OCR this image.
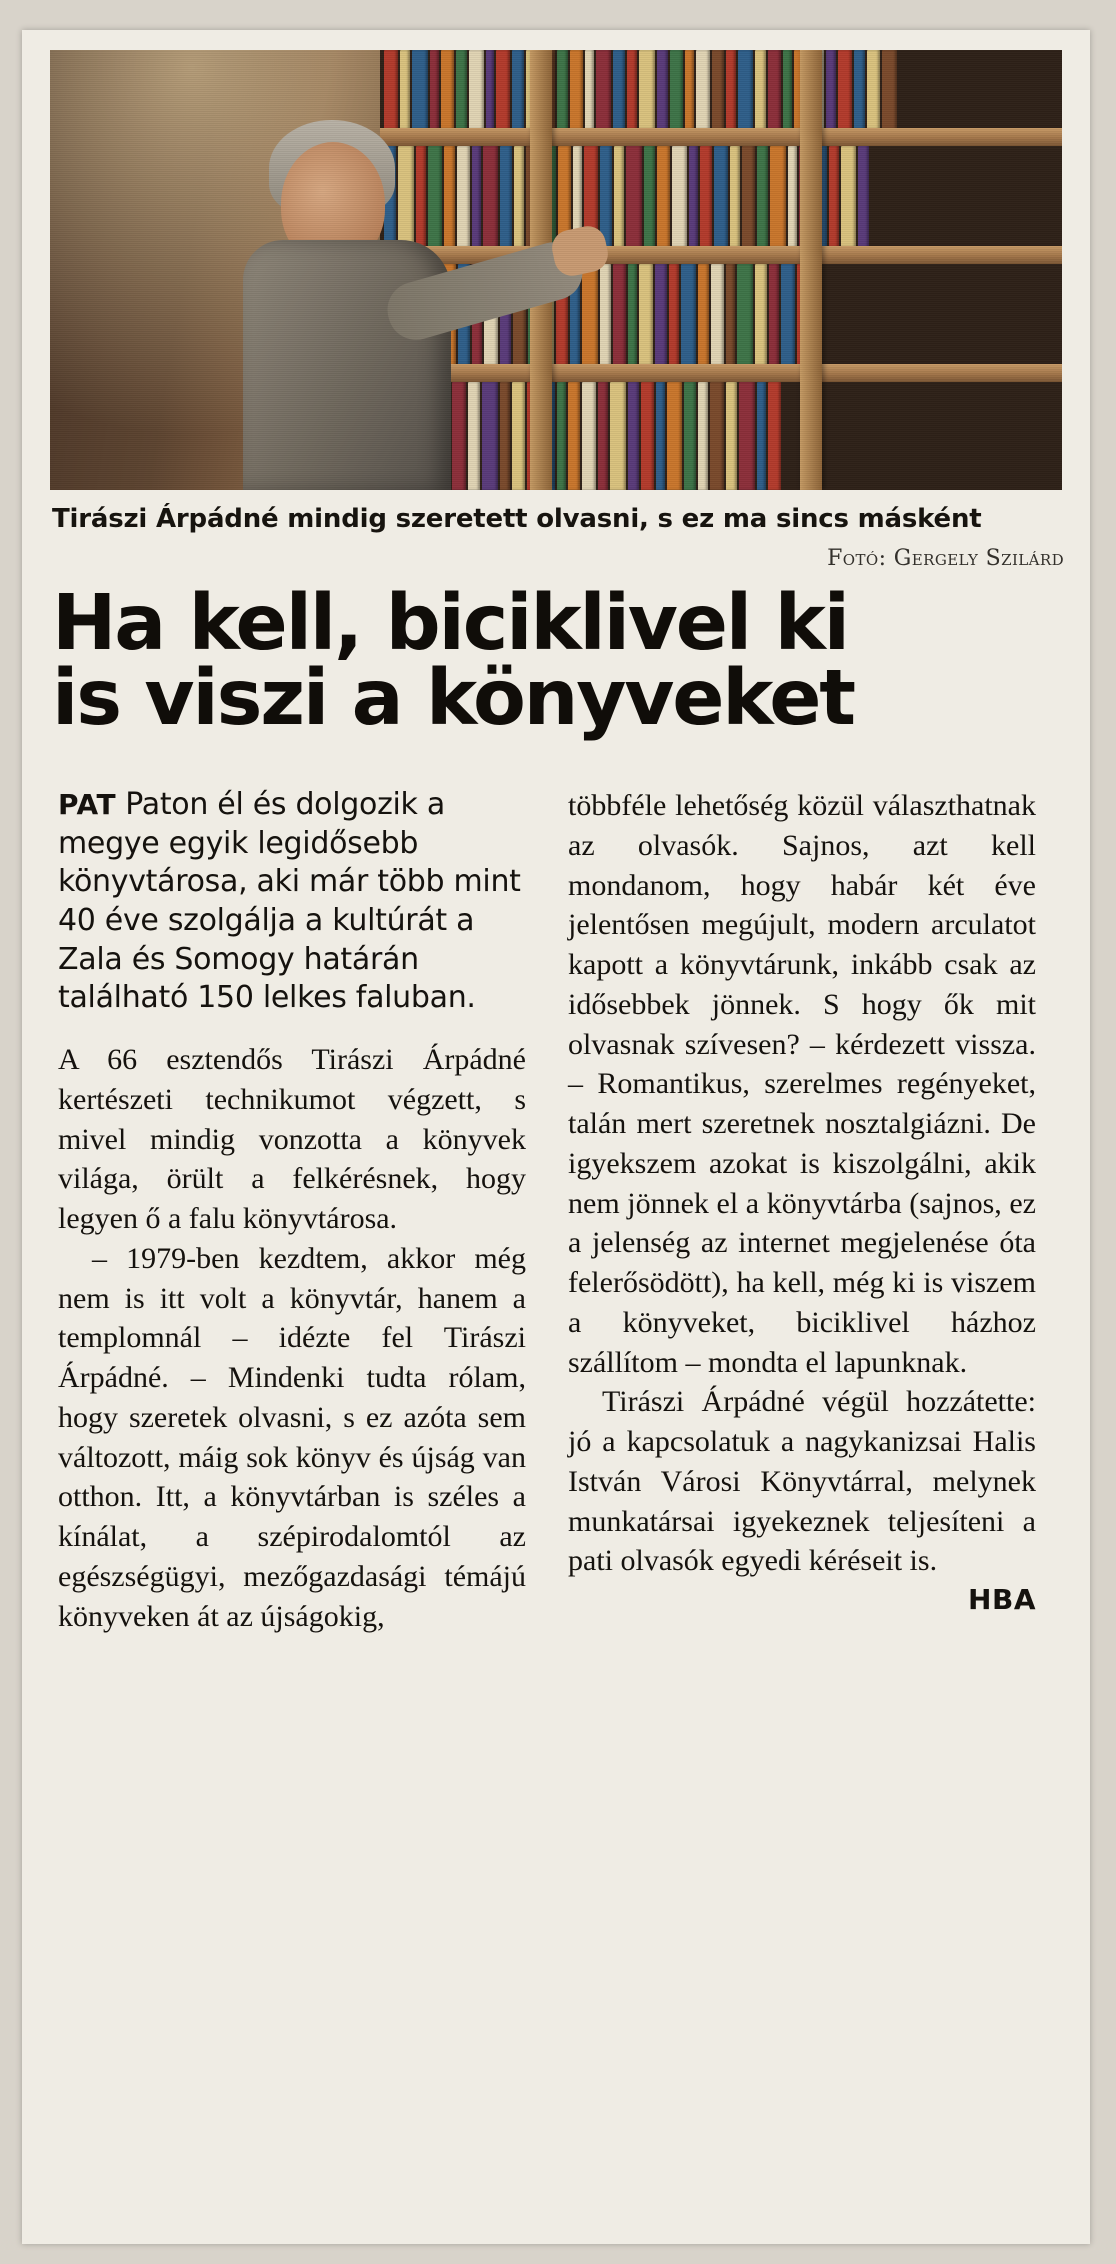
Tirászi Árpádné mindig szeretett olvasni, s ez ma sincs másként
Fotó: Gergely Szilárd
Ha kell, biciklivel ki
is viszi a könyveket

PAT Paton él és dolgozik a megye egyik legidősebb könyvtárosa, aki már több mint 40 éve szolgálja a kultúrát a Zala és Somogy határán található 150 lelkes faluban.

A 66 esztendős Tirászi Árpádné kertészeti technikumot végzett, s mivel mindig vonzotta a könyvek világa, örült a felkérésnek, hogy legyen ő a falu könyvtárosa.

– 1979-ben kezdtem, akkor még nem is itt volt a könyvtár, hanem a templomnál – idézte fel Tirászi Árpádné. – Mindenki tudta rólam, hogy szeretek olvasni, s ez azóta sem változott, máig sok könyv és újság van otthon. Itt, a könyvtárban is széles a kínálat, a szépirodalomtól az egészségügyi, mezőgazdasági témájú könyveken át az újságokig,

többféle lehetőség közül választhatnak az olvasók. Sajnos, azt kell mondanom, hogy habár két éve jelentősen megújult, modern arculatot kapott a könyvtárunk, inkább csak az idősebbek jönnek. S hogy ők mit olvasnak szívesen? – kérdezett vissza. – Romantikus, szerelmes regényeket, talán mert szeretnek nosztalgiázni. De igyekszem azokat is kiszolgálni, akik nem jönnek el a könyvtárba (sajnos, ez a jelenség az internet megjelenése óta felerősödött), ha kell, még ki is viszem a könyveket, biciklivel házhoz szállítom – mondta el lapunknak.

Tirászi Árpádné végül hozzátette: jó a kapcsolatuk a nagykanizsai Halis István Városi Könyvtárral, melynek munkatársai igyekeznek teljesíteni a pati olvasók egyedi kéréseit is.

HBA
